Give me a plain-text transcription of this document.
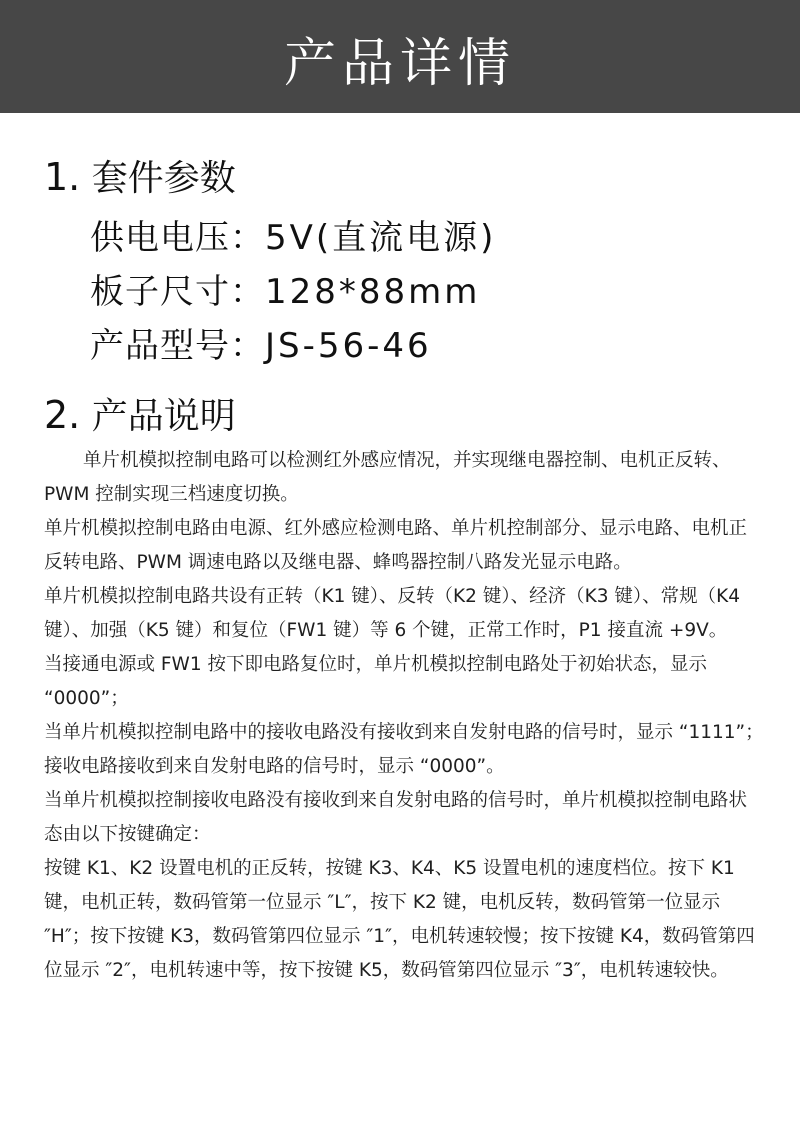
产品详情
1. 套件参数
供电电压：5V(直流电源)
板子尺寸：128*88mm
产品型号：JS-56-46
2. 产品说明

单片机模拟控制电路可以检测红外感应情况，并实现继电器控制、电机正反转、PWM 控制实现三档速度切换。

单片机模拟控制电路由电源、红外感应检测电路、单片机控制部分、显示电路、电机正反转电路、PWM 调速电路以及继电器、蜂鸣器控制八路发光显示电路。

单片机模拟控制电路共设有正转（K1 键）、反转（K2 键）、经济（K3 键）、常规（K4 键）、加强（K5 键）和复位（FW1 键）等 6 个键，正常工作时，P1 接直流 +9V。

当接通电源或 FW1 按下即电路复位时，单片机模拟控制电路处于初始状态，显示 “0000”；

当单片机模拟控制电路中的接收电路没有接收到来自发射电路的信号时，显示 “1111”；接收电路接收到来自发射电路的信号时，显示 “0000”。

当单片机模拟控制接收电路没有接收到来自发射电路的信号时，单片机模拟控制电路状态由以下按键确定：

按键 K1、K2 设置电机的正反转，按键 K3、K4、K5 设置电机的速度档位。按下 K1 键，电机正转，数码管第一位显示 ″L″，按下 K2 键，电机反转，数码管第一位显示 ″H″；按下按键 K3，数码管第四位显示 ″1″，电机转速较慢；按下按键 K4，数码管第四位显示 ″2″，电机转速中等，按下按键 K5，数码管第四位显示 ″3″，电机转速较快。
